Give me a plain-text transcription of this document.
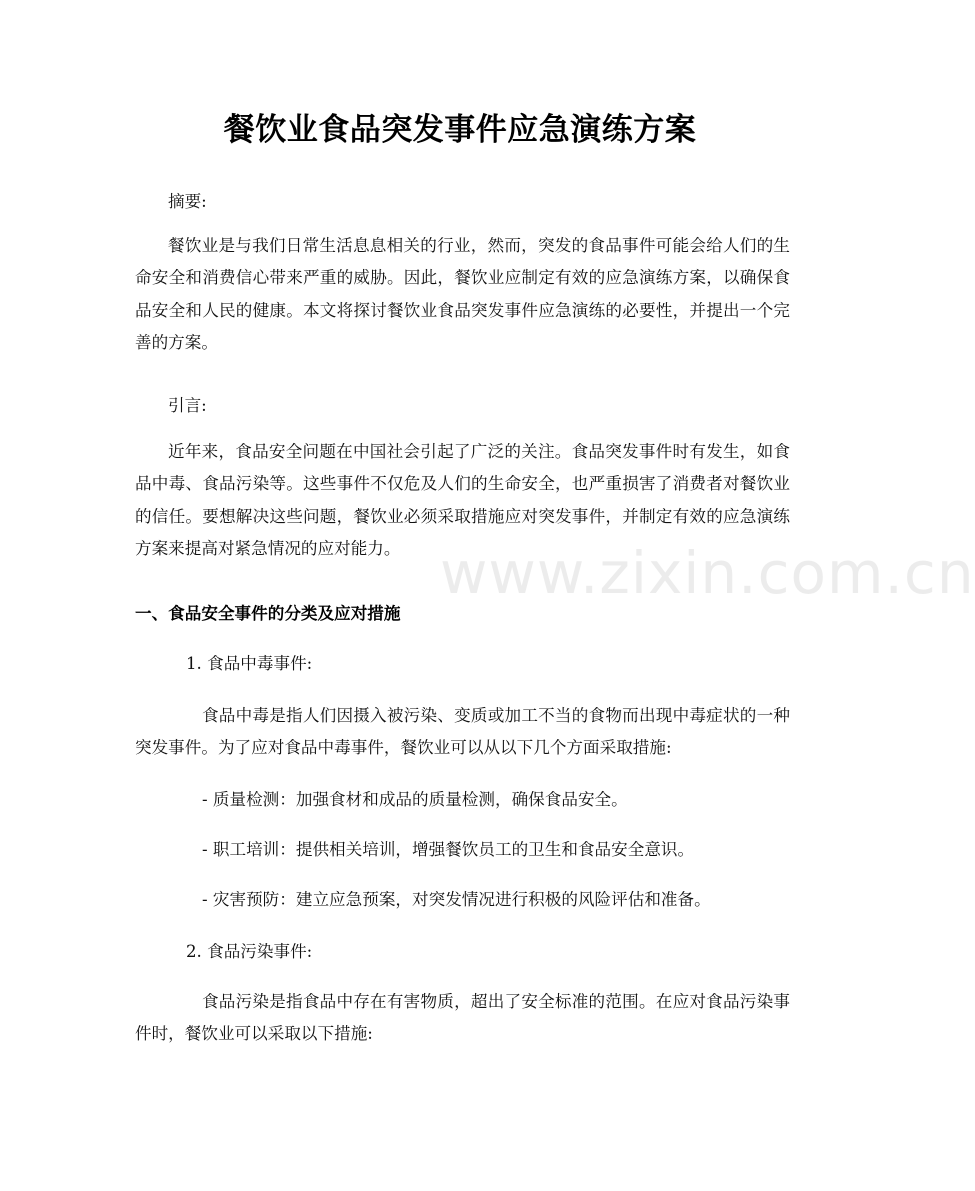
餐饮业食品突发事件应急演练方案

摘要:

餐饮业是与我们日常生活息息相关的行业，然而，突发的食品事件可能会给人们的生命安全和消费信心带来严重的威胁。因此，餐饮业应制定有效的应急演练方案，以确保食品安全和人民的健康。本文将探讨餐饮业食品突发事件应急演练的必要性，并提出一个完善的方案。

引言:

近年来，食品安全问题在中国社会引起了广泛的关注。食品突发事件时有发生，如食品中毒、食品污染等。这些事件不仅危及人们的生命安全，也严重损害了消费者对餐饮业的信任。要想解决这些问题，餐饮业必须采取措施应对突发事件，并制定有效的应急演练方案来提高对紧急情况的应对能力。

一、食品安全事件的分类及应对措施

1. 食品中毒事件:

食品中毒是指人们因摄入被污染、变质或加工不当的食物而出现中毒症状的一种突发事件。为了应对食品中毒事件，餐饮业可以从以下几个方面采取措施:

- 质量检测：加强食材和成品的质量检测，确保食品安全。

- 职工培训：提供相关培训，增强餐饮员工的卫生和食品安全意识。

- 灾害预防：建立应急预案，对突发情况进行积极的风险评估和准备。

2. 食品污染事件:

食品污染是指食品中存在有害物质，超出了安全标准的范围。在应对食品污染事件时，餐饮业可以采取以下措施:

www.zixin.com.cn
